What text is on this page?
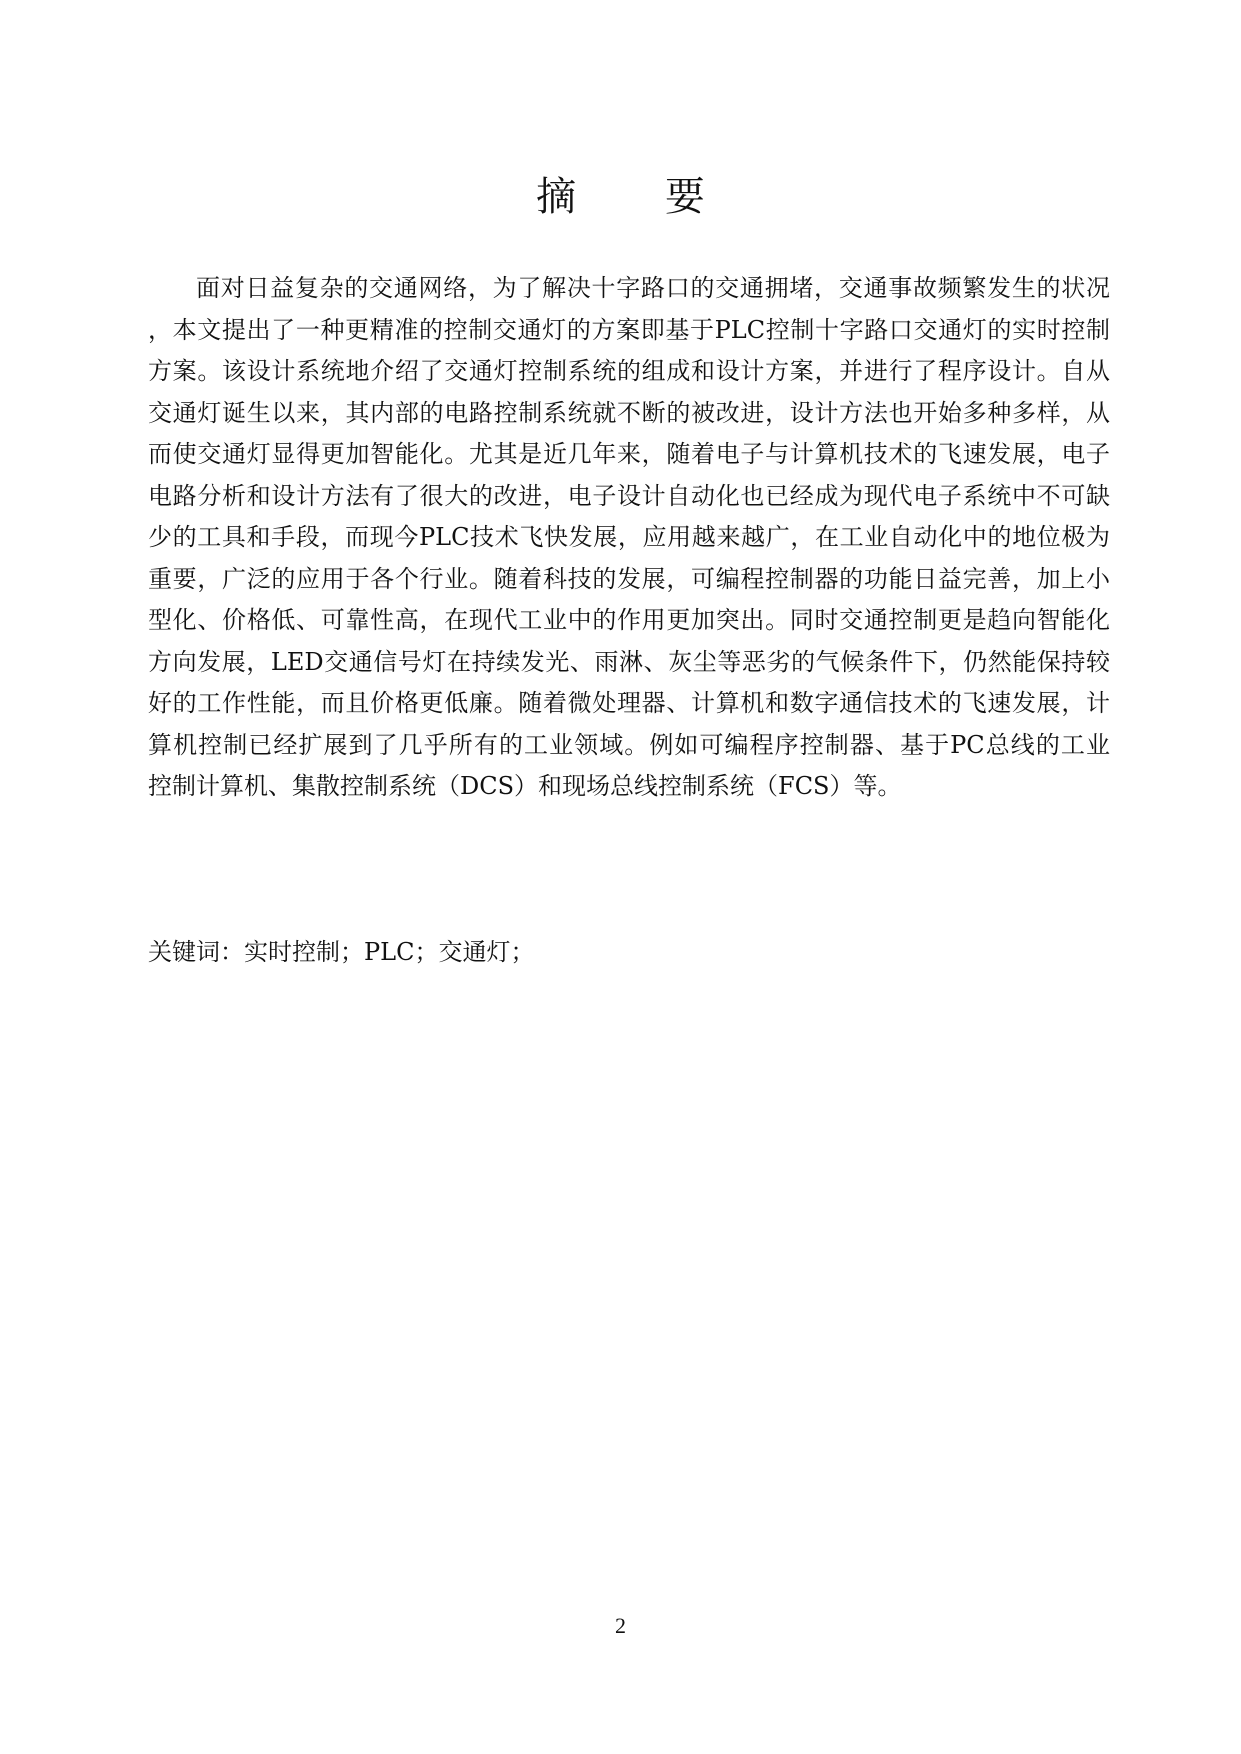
摘 要
面对日益复杂的交通网络，为了解决十字路口的交通拥堵，交通事故频繁发生的状况
，本文提出了一种更精准的控制交通灯的方案即基于PLC控制十字路口交通灯的实时控制
方案。该设计系统地介绍了交通灯控制系统的组成和设计方案，并进行了程序设计。自从
交通灯诞生以来，其内部的电路控制系统就不断的被改进，设计方法也开始多种多样，从
而使交通灯显得更加智能化。尤其是近几年来，随着电子与计算机技术的飞速发展，电子
电路分析和设计方法有了很大的改进，电子设计自动化也已经成为现代电子系统中不可缺
少的工具和手段，而现今PLC技术飞快发展，应用越来越广，在工业自动化中的地位极为
重要，广泛的应用于各个行业。随着科技的发展，可编程控制器的功能日益完善，加上小
型化、价格低、可靠性高，在现代工业中的作用更加突出。同时交通控制更是趋向智能化
方向发展，LED交通信号灯在持续发光、雨淋、灰尘等恶劣的气候条件下，仍然能保持较
好的工作性能，而且价格更低廉。随着微处理器、计算机和数字通信技术的飞速发展，计
算机控制已经扩展到了几乎所有的工业领域。例如可编程序控制器、基于PC总线的工业
控制计算机、集散控制系统（DCS）和现场总线控制系统（FCS）等。
关键词：实时控制；PLC；交通灯；
2
